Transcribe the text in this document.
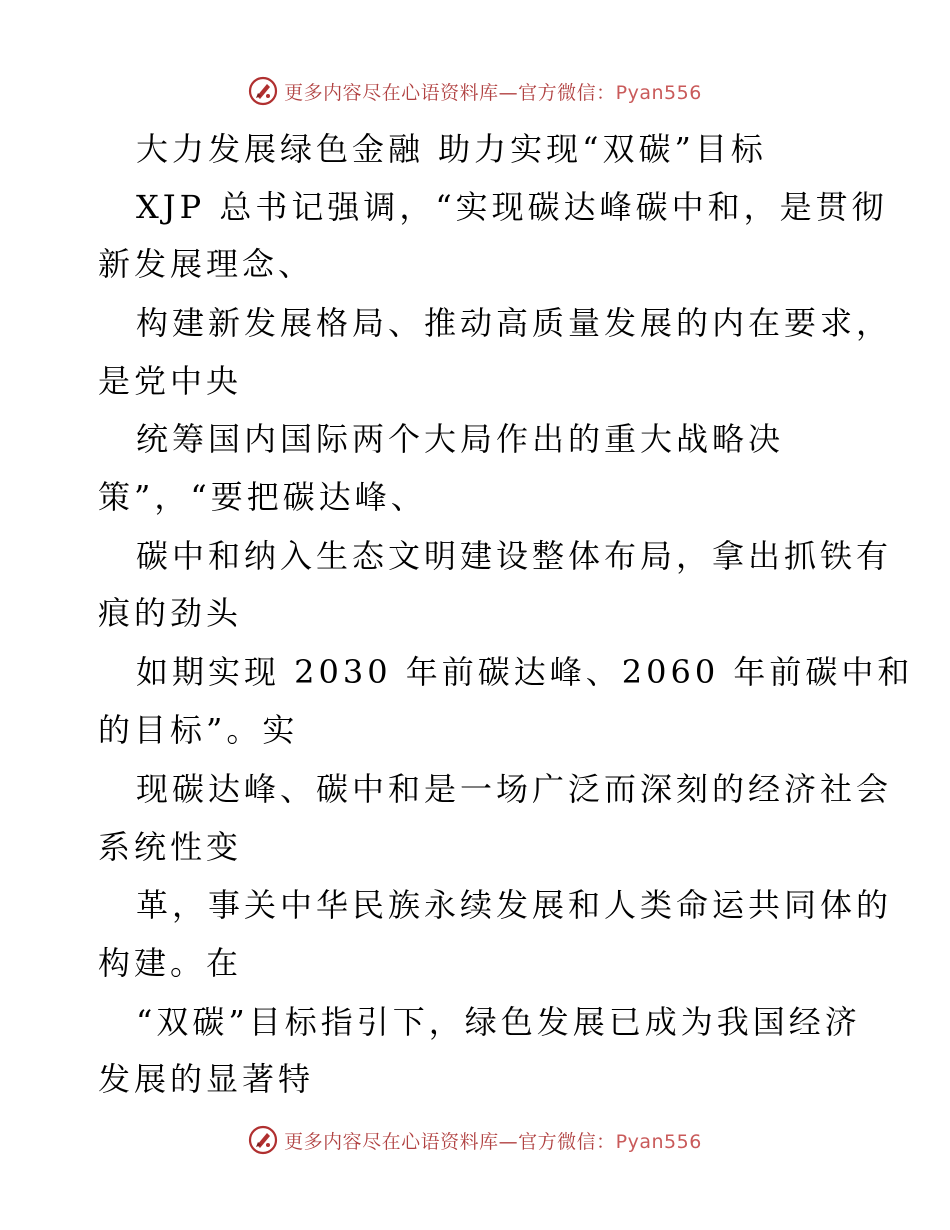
更多内容尽在心语资料库—官方微信：Pyan556
大力发展绿色金融 助力实现“双碳”目标
XJP 总书记强调，“实现碳达峰碳中和，是贯彻
新发展理念、
构建新发展格局、推动高质量发展的内在要求，
是党中央
统筹国内国际两个大局作出的重大战略决
策”，“要把碳达峰、
碳中和纳入生态文明建设整体布局，拿出抓铁有
痕的劲头
如期实现 2030 年前碳达峰、2060 年前碳中和
的目标”。实
现碳达峰、碳中和是一场广泛而深刻的经济社会
系统性变
革，事关中华民族永续发展和人类命运共同体的
构建。在
“双碳”目标指引下，绿色发展已成为我国经济
发展的显著特
更多内容尽在心语资料库—官方微信：Pyan556
